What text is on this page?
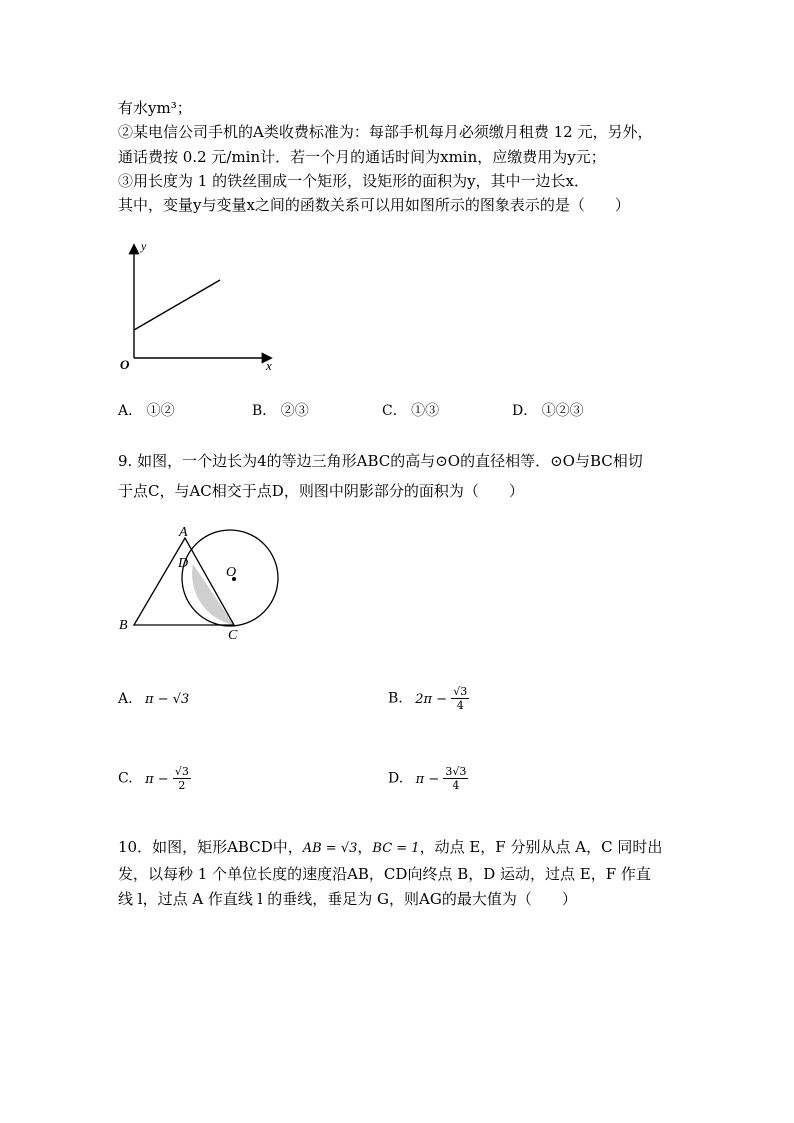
有水ym³；
②某电信公司手机的A类收费标准为：每部手机每月必须缴月租费 12 元，另外，
通话费按 0.2 元/min计．若一个月的通话时间为xmin，应缴费用为y元；
③用长度为 1 的铁丝围成一个矩形，设矩形的面积为y，其中一边长x．
其中，变量y与变量x之间的函数关系可以用如图所示的图象表示的是（　　）
y
x
O
A． ①②	B． ②③	C． ①③	D． ①②③
9. 如图，一个边长为4的等边三角形ABC的高与⊙O的直径相等．⊙O与BC相切
于点C，与AC相交于点D，则图中阴影部分的面积为（　　）
A
D
O
B
C
A. π − √3	B. $2\pi - \frac{√3}{4}$
C. $\pi - \frac{√3}{2}$	D. $\pi - \frac{3√3}{4}$
10．如图，矩形ABCD中，AB = √3，BC = 1，动点 E，F 分别从点 A，C 同时出
发，以每秒 1 个单位长度的速度沿AB，CD向终点 B，D 运动，过点 E，F 作直
线 l，过点 A 作直线 l 的垂线，垂足为 G，则AG的最大值为（　　）
